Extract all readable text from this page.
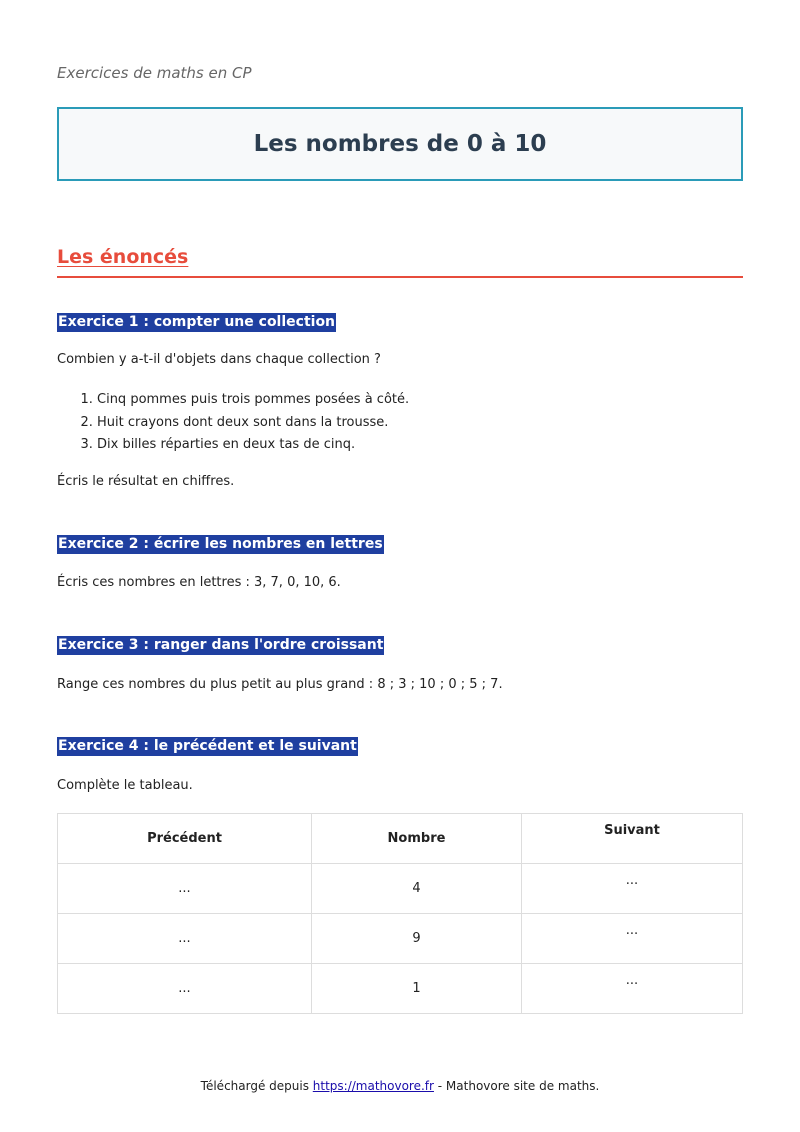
Exercices de maths en CP
Les nombres de 0 à 10
Les énoncés
Exercice 1 : compter une collection

Combien y a-t-il d'objets dans chaque collection ?

1. Cinq pommes puis trois pommes posées à côté.
2. Huit crayons dont deux sont dans la trousse.
3. Dix billes réparties en deux tas de cinq.

Écris le résultat en chiffres.

Exercice 2 : écrire les nombres en lettres

Écris ces nombres en lettres : 3, 7, 0, 10, 6.

Exercice 3 : ranger dans l'ordre croissant

Range ces nombres du plus petit au plus grand : 8 ; 3 ; 10 ; 0 ; 5 ; 7.

Exercice 4 : le précédent et le suivant

Complète le tableau.

Précédent	Nombre	Suivant
...	4	...
...	9	...
...	1	...
Téléchargé depuis https://mathovore.fr - Mathovore site de maths.
